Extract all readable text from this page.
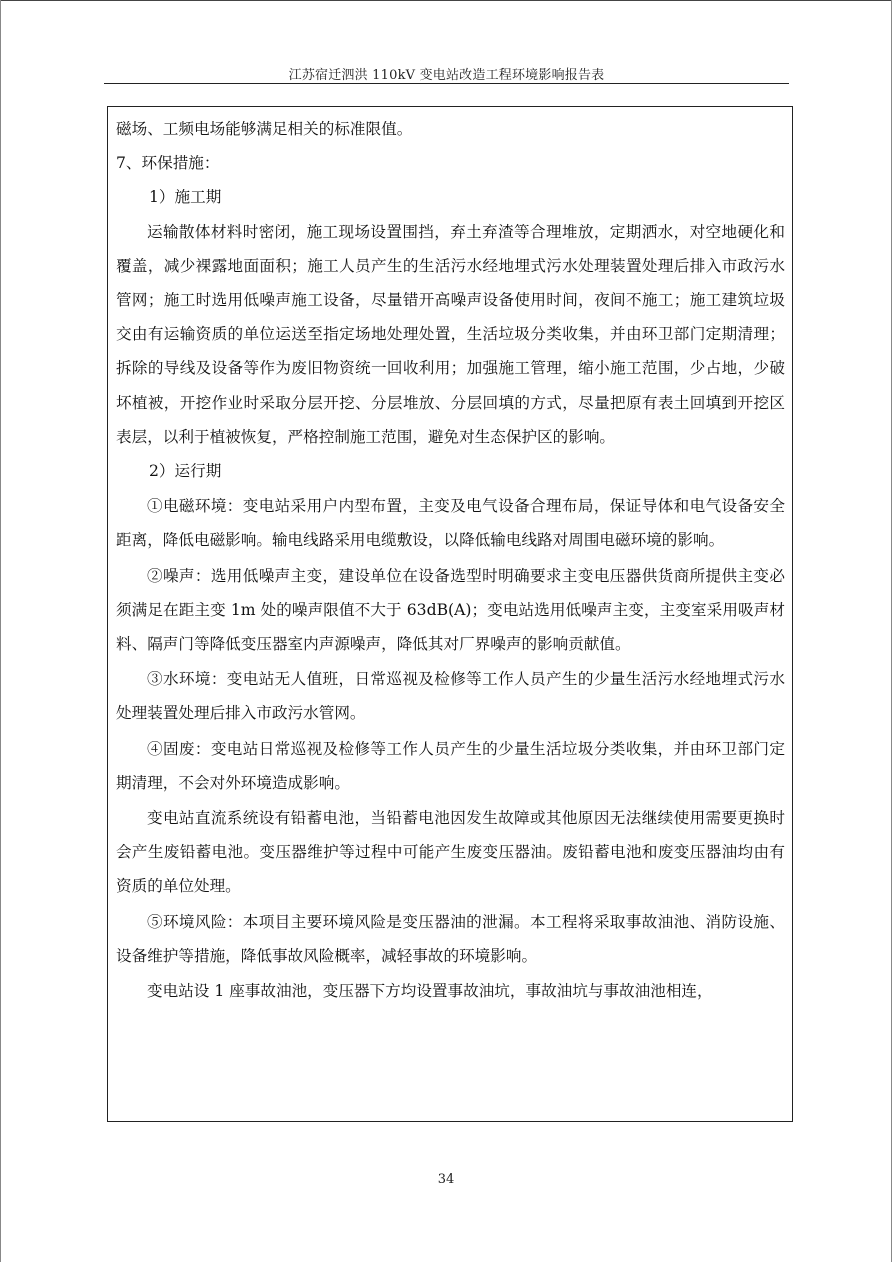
江苏宿迁泗洪 110kV 变电站改造工程环境影响报告表

磁场、工频电场能够满足相关的标准限值。

7、环保措施：

1）施工期

运输散体材料时密闭，施工现场设置围挡，弃土弃渣等合理堆放，定期洒水，对空地硬化和覆盖，减少裸露地面面积；施工人员产生的生活污水经地埋式污水处理装置处理后排入市政污水管网；施工时选用低噪声施工设备，尽量错开高噪声设备使用时间，夜间不施工；施工建筑垃圾交由有运输资质的单位运送至指定场地处理处置，生活垃圾分类收集，并由环卫部门定期清理；拆除的导线及设备等作为废旧物资统一回收利用；加强施工管理，缩小施工范围，少占地，少破坏植被，开挖作业时采取分层开挖、分层堆放、分层回填的方式，尽量把原有表土回填到开挖区表层，以利于植被恢复，严格控制施工范围，避免对生态保护区的影响。

2）运行期

①电磁环境：变电站采用户内型布置，主变及电气设备合理布局，保证导体和电气设备安全距离，降低电磁影响。输电线路采用电缆敷设，以降低输电线路对周围电磁环境的影响。

②噪声：选用低噪声主变，建设单位在设备选型时明确要求主变电压器供货商所提供主变必须满足在距主变 1m 处的噪声限值不大于 63dB(A)；变电站选用低噪声主变，主变室采用吸声材料、隔声门等降低变压器室内声源噪声，降低其对厂界噪声的影响贡献值。

③水环境：变电站无人值班，日常巡视及检修等工作人员产生的少量生活污水经地埋式污水处理装置处理后排入市政污水管网。

④固废：变电站日常巡视及检修等工作人员产生的少量生活垃圾分类收集，并由环卫部门定期清理，不会对外环境造成影响。

变电站直流系统设有铅蓄电池，当铅蓄电池因发生故障或其他原因无法继续使用需要更换时会产生废铅蓄电池。变压器维护等过程中可能产生废变压器油。废铅蓄电池和废变压器油均由有资质的单位处理。

⑤环境风险：本项目主要环境风险是变压器油的泄漏。本工程将采取事故油池、消防设施、设备维护等措施，降低事故风险概率，减轻事故的环境影响。

变电站设 1 座事故油池，变压器下方均设置事故油坑，事故油坑与事故油池相连，

34
